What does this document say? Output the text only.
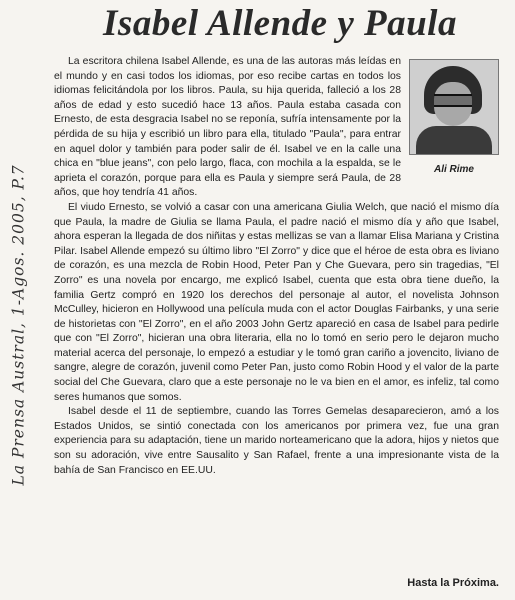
Isabel Allende y Paula
La Prensa Austral, 1-Agos. 2005, P.7	Ali Rime

La escritora chilena Isabel Allende, es una de las autoras más leídas en el mundo y en casi todos los idiomas, por eso recibe cartas en todos los idiomas felicitándola por los libros. Paula, su hija querida, falleció a los 28 años de edad y esto sucedió hace 13 años. Paula estaba casada con Ernesto, de esta desgracia Isabel no se reponía, sufría intensamente por la pérdida de su hija y escribió un libro para ella, titulado "Paula", para entrar en aquel dolor y también para poder salir de él. Isabel ve en la calle una chica en "blue jeans", con pelo largo, flaca, con mochila a la espalda, se le aprieta el corazón, porque para ella es Paula y siempre será Paula, de 28 años, que hoy tendría 41 años.

El viudo Ernesto, se volvió a casar con una americana Giulia Welch, que nació el mismo día que Paula, la madre de Giulia se llama Paula, el padre nació el mismo día y año que Isabel, ahora esperan la llegada de dos niñitas y estas mellizas se van a llamar Elisa Mariana y Cristina Pilar. Isabel Allende empezó su último libro "El Zorro" y dice que el héroe de esta obra es liviano de corazón, es una mezcla de Robin Hood, Peter Pan y Che Guevara, pero sin tragedias, "El Zorro" es una novela por encargo, me explicó Isabel, cuenta que esta obra tiene dueño, la familia Gertz compró en 1920 los derechos del personaje al autor, el novelista Johnson McCulley, hicieron en Hollywood una película muda con el actor Douglas Fairbanks, y una serie de historietas con "El Zorro", en el año 2003 John Gertz apareció en casa de Isabel para pedirle que con "El Zorro", hicieran una obra literaria, ella no lo tomó en serio pero le dejaron mucho material acerca del personaje, lo empezó a estudiar y le tomó gran cariño a jovencito, liviano de sangre, alegre de corazón, juvenil como Peter Pan, justo como Robin Hood y el valor de la parte social del Che Guevara, claro que a este personaje no le va bien en el amor, es infeliz, tal como seres humanos que somos.

Isabel desde el 11 de septiembre, cuando las Torres Gemelas desaparecieron, amó a los Estados Unidos, se sintió conectada con los americanos por primera vez, fue una gran experiencia para su adaptación, tiene un marido norteamericano que la adora, hijos y nietos que son su adoración, vive entre Sausalito y San Rafael, frente a una impresionante vista de la bahía de San Francisco en EE.UU.

Hasta la Próxima.
